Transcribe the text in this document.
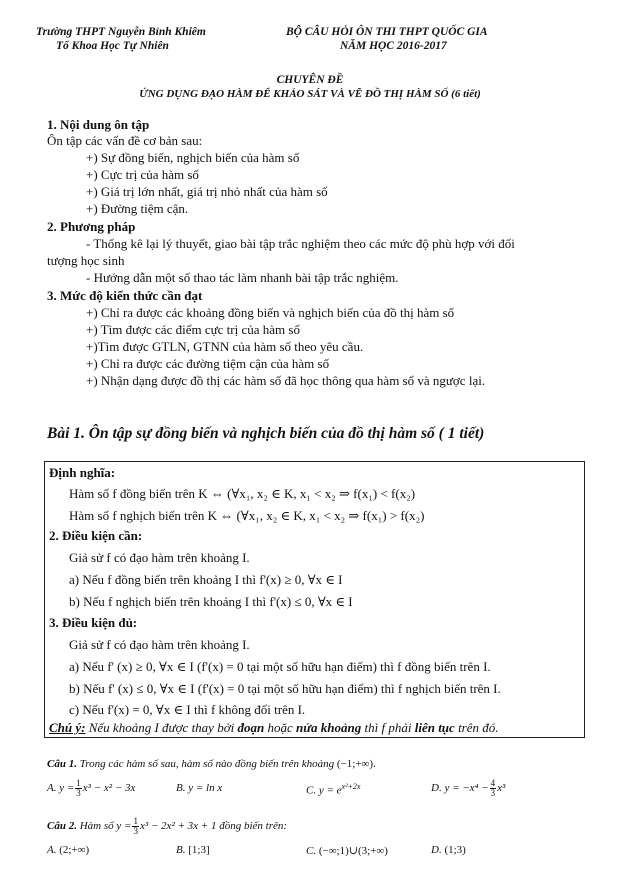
Trường THPT Nguyễn Bỉnh Khiêm
Tổ Khoa Học Tự Nhiên
BỘ CÂU HỎI ÔN THI THPT QUỐC GIA
NĂM HỌC 2016-2017
CHUYÊN ĐỀ
ỨNG DỤNG ĐẠO HÀM ĐỂ KHẢO SÁT VÀ VẼ ĐỒ THỊ HÀM SỐ (6 tiết)
1. Nội dung ôn tập
Ôn tập các vấn đề cơ bản sau:
+) Sự đồng biến, nghịch biến của hàm số
+) Cực trị của hàm số
+) Giá trị lớn nhất, giá trị nhỏ nhất của hàm số
+) Đường tiệm cận.
2. Phương pháp
- Thống kê lại lý thuyết, giao bài tập trắc nghiệm theo các mức độ phù hợp với đối
tượng học sinh
- Hướng dẫn một số thao tác làm nhanh bài tập trắc nghiệm.
3. Mức độ kiến thức cần đạt
+) Chỉ ra được các khoảng đồng biến và nghịch biến của đồ thị hàm số
+) Tìm được các điểm cực trị của hàm số
+)Tìm được GTLN, GTNN của hàm số theo yêu cầu.
+) Chỉ ra được các đường tiệm cận của hàm số
+) Nhận dạng được đồ thị các hàm số đã học thông qua hàm số và ngược lại.
Bài 1. Ôn tập sự đồng biến và nghịch biến của đồ thị hàm số ( 1 tiết)
Định nghĩa:
Hàm số f đồng biến trên K ⇔ (∀x₁, x₂ ∈ K, x₁ < x₂ ⇒ f(x₁) < f(x₂)
Hàm số f nghịch biến trên K ⇔ (∀x₁, x₂ ∈ K, x₁ < x₂ ⇒ f(x₁) > f(x₂)
2. Điều kiện cần:
Giả sử f có đạo hàm trên khoảng I.
a) Nếu f đồng biến trên khoảng I thì f'(x) ≥ 0, ∀x ∈ I
b) Nếu f nghịch biến trên khoảng I thì f'(x) ≤ 0, ∀x ∈ I
3. Điều kiện đủ:
Giả sử f có đạo hàm trên khoảng I.
a) Nếu f' (x) ≥ 0, ∀x ∈ I (f'(x) = 0 tại một số hữu hạn điểm) thì f đồng biến trên I.
b) Nếu f' (x) ≤ 0, ∀x ∈ I (f'(x) = 0 tại một số hữu hạn điểm) thì f nghịch biến trên I.
c) Nếu f'(x) = 0, ∀x ∈ I thì f không đổi trên I.
Chú ý: Nếu khoảng I được thay bởi đoạn hoặc nửa khoảng thì f phải liên tục trên đó.
Câu 1. Trong các hàm số sau, hàm số nào đồng biến trên khoảng (−1;+∞).
A. $y = \frac{1}{3} x^3 - x^2 - 3x$	B. y = ln x	C. $y = e^{x^2+2x}$	D. $y = -x^4 - \frac{4}{3} x^3$
Câu 2. Hàm số $y = \frac{1}{3} x^3 - 2x^2 + 3x + 1$ đồng biến trên:
A. (2;+∞)	B. [1;3]	C. (−∞;1)∪(3;+∞)	D. (1;3)
